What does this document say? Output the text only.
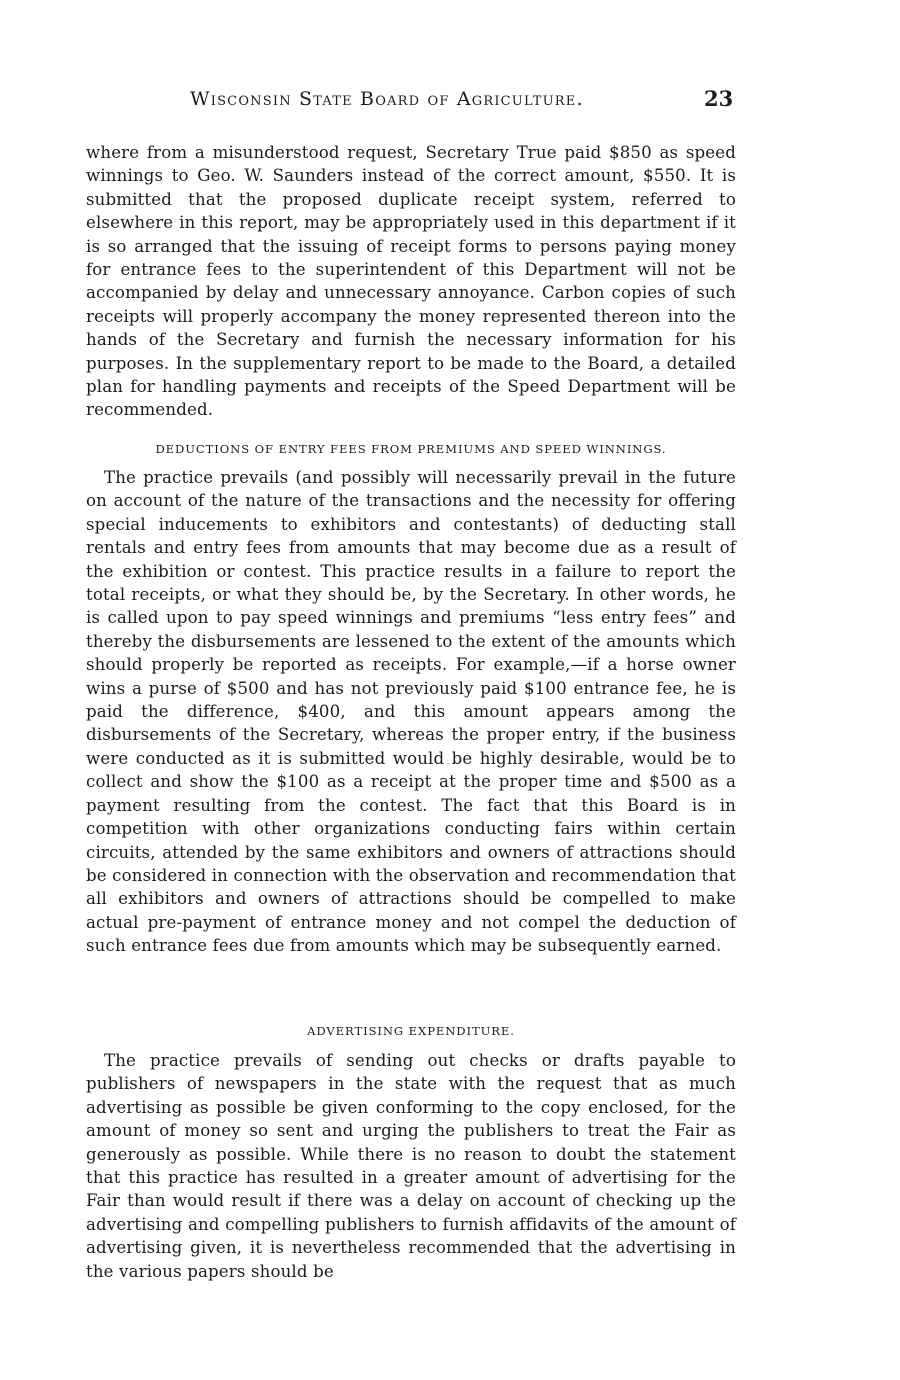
Wisconsin State Board of Agriculture.	23

where from a misunderstood request, Secretary True paid $850 as speed winnings to Geo. W. Saunders instead of the correct amount, $550. It is submitted that the proposed duplicate receipt system, referred to elsewhere in this report, may be appropriately used in this department if it is so arranged that the issuing of receipt forms to persons paying money for entrance fees to the superintendent of this Department will not be accompanied by delay and unnecessary annoyance. Carbon copies of such receipts will properly accompany the money represented thereon into the hands of the Secretary and furnish the necessary information for his purposes. In the supplementary report to be made to the Board, a detailed plan for handling payments and receipts of the Speed Department will be recommended.

DEDUCTIONS OF ENTRY FEES FROM PREMIUMS AND SPEED WINNINGS.

The practice prevails (and possibly will necessarily prevail in the future on account of the nature of the transactions and the necessity for offering special inducements to exhibitors and contestants) of deducting stall rentals and entry fees from amounts that may become due as a result of the exhibition or contest. This practice results in a failure to report the total receipts, or what they should be, by the Secretary. In other words, he is called upon to pay speed winnings and premiums “less entry fees” and thereby the disbursements are lessened to the extent of the amounts which should properly be reported as receipts. For example,—if a horse owner wins a purse of $500 and has not previously paid $100 entrance fee, he is paid the difference, $400, and this amount appears among the disbursements of the Secretary, whereas the proper entry, if the business were conducted as it is submitted would be highly desirable, would be to collect and show the $100 as a receipt at the proper time and $500 as a payment resulting from the contest. The fact that this Board is in competition with other organizations conducting fairs within certain circuits, attended by the same exhibitors and owners of attractions should be considered in connection with the observation and recommendation that all exhibitors and owners of attractions should be compelled to make actual pre-payment of entrance money and not compel the deduction of such entrance fees due from amounts which may be subsequently earned.

ADVERTISING EXPENDITURE.

The practice prevails of sending out checks or drafts payable to publishers of newspapers in the state with the request that as much advertising as possible be given conforming to the copy enclosed, for the amount of money so sent and urging the publishers to treat the Fair as generously as possible. While there is no reason to doubt the statement that this practice has resulted in a greater amount of advertising for the Fair than would result if there was a delay on account of checking up the advertising and compelling publishers to furnish affidavits of the amount of advertising given, it is nevertheless recommended that the advertising in the various papers should be
